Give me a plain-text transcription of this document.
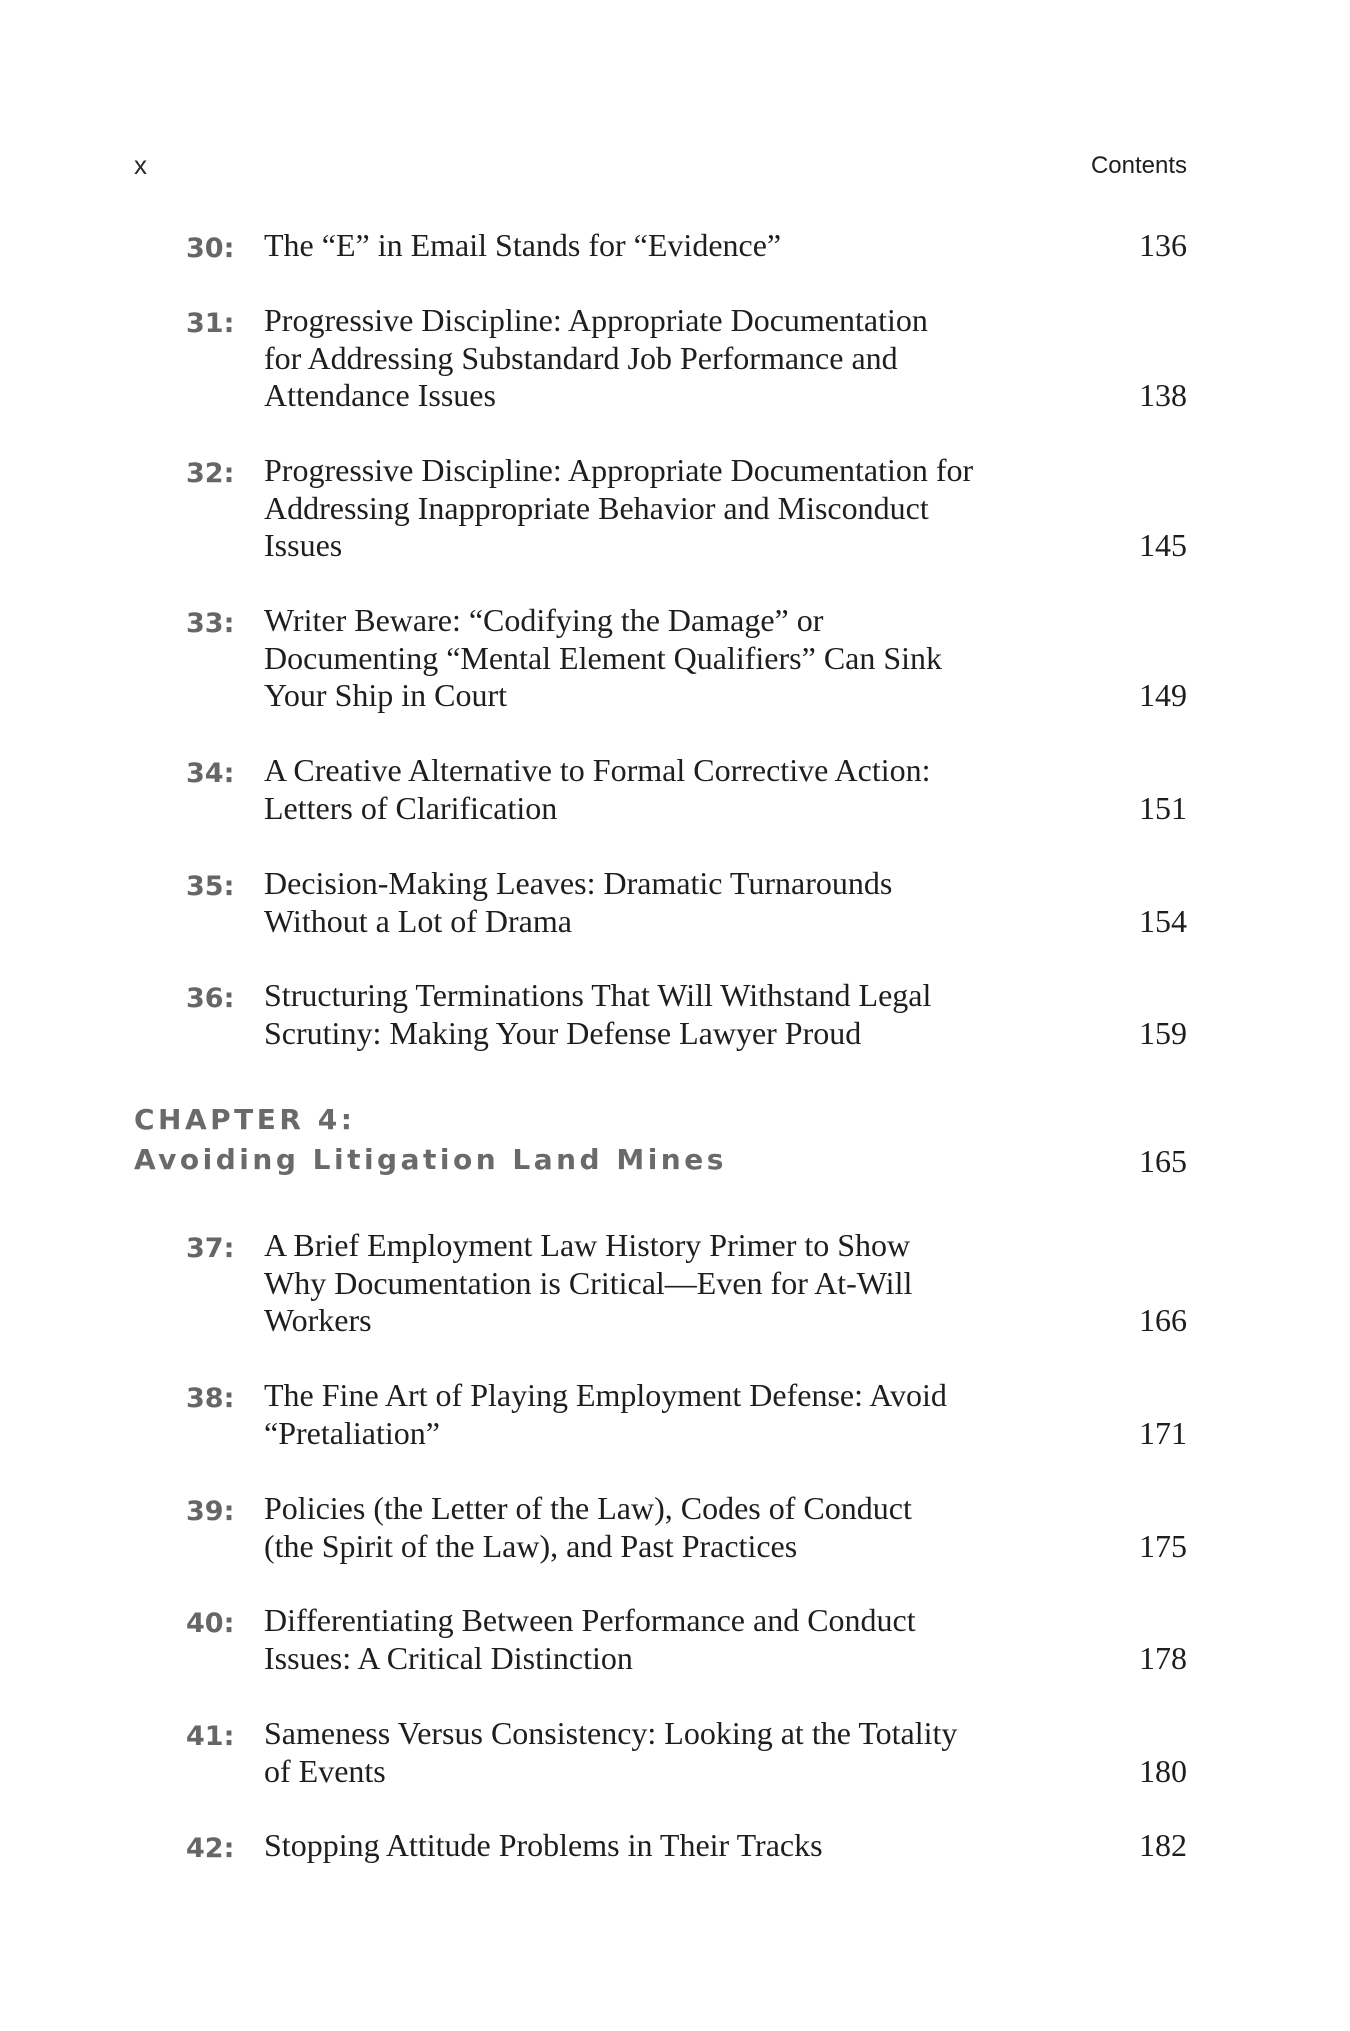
x	Contents
30: The “E” in Email Stands for “Evidence”	136
31: Progressive Discipline: Appropriate Documentation
for Addressing Substandard Job Performance and
Attendance Issues	138
32: Progressive Discipline: Appropriate Documentation for
Addressing Inappropriate Behavior and Misconduct
Issues	145
33: Writer Beware: “Codifying the Damage” or
Documenting “Mental Element Qualifiers” Can Sink
Your Ship in Court	149
34: A Creative Alternative to Formal Corrective Action:
Letters of Clarification	151
35: Decision-Making Leaves: Dramatic Turnarounds
Without a Lot of Drama	154
36: Structuring Terminations That Will Withstand Legal
Scrutiny: Making Your Defense Lawyer Proud	159
CHAPTER 4:
Avoiding Litigation Land Mines	165
37: A Brief Employment Law History Primer to Show
Why Documentation is Critical—Even for At-Will
Workers	166
38: The Fine Art of Playing Employment Defense: Avoid
“Pretaliation”	171
39: Policies (the Letter of the Law), Codes of Conduct
(the Spirit of the Law), and Past Practices	175
40: Differentiating Between Performance and Conduct
Issues: A Critical Distinction	178
41: Sameness Versus Consistency: Looking at the Totality
of Events	180
42: Stopping Attitude Problems in Their Tracks	182
